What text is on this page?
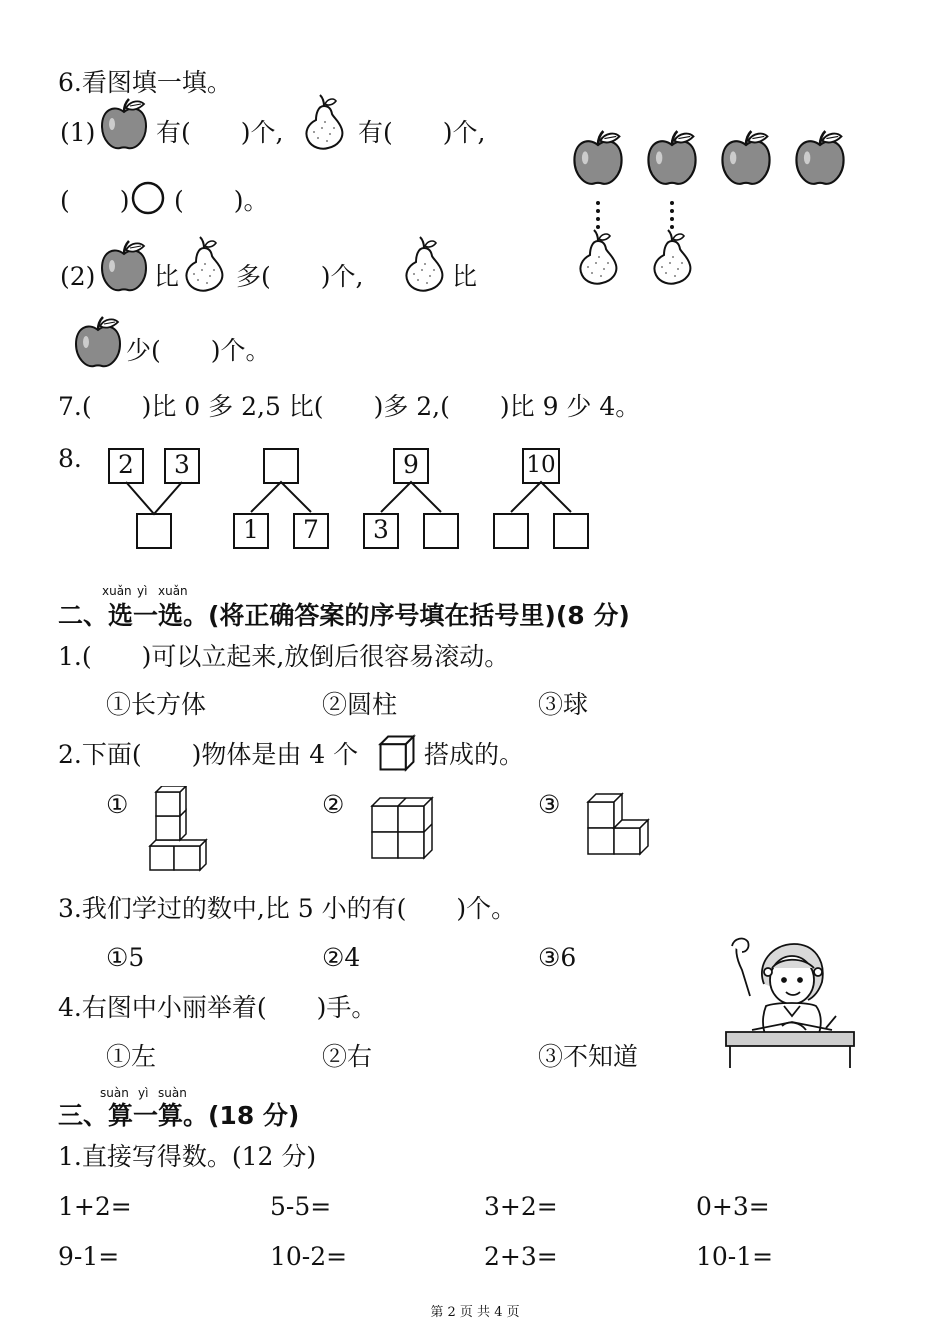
6.看图填一填。
(1) 有(　　)个,	有(　　)个,
(　　) (　　)。
(2) 比 多(　　)个,	比
少(　　)个。
7.(　　)比 0 多 2,5 比(　　)多 2,(　　)比 9 少 4。
8.	2	3
1	7
9
3
10
xuǎn yì xuǎn
二、选一选。(将正确答案的序号填在括号里)(8 分)
1.(　　)可以立起来,放倒后很容易滚动。
①长方体	②圆柱	③球
2.下面(　　)物体是由 4 个	搭成的。
①	②	③
3.我们学过的数中,比 5 小的有(　　)个。
①5	②4	③6
4.右图中小丽举着(　　)手。
①左	②右	③不知道
suàn yì suàn
三、算一算。(18 分)
1.直接写得数。(12 分)
1+2=	5-5=	3+2=	0+3=
9-1=	10-2=	2+3=	10-1=
第 2 页 共 4 页
